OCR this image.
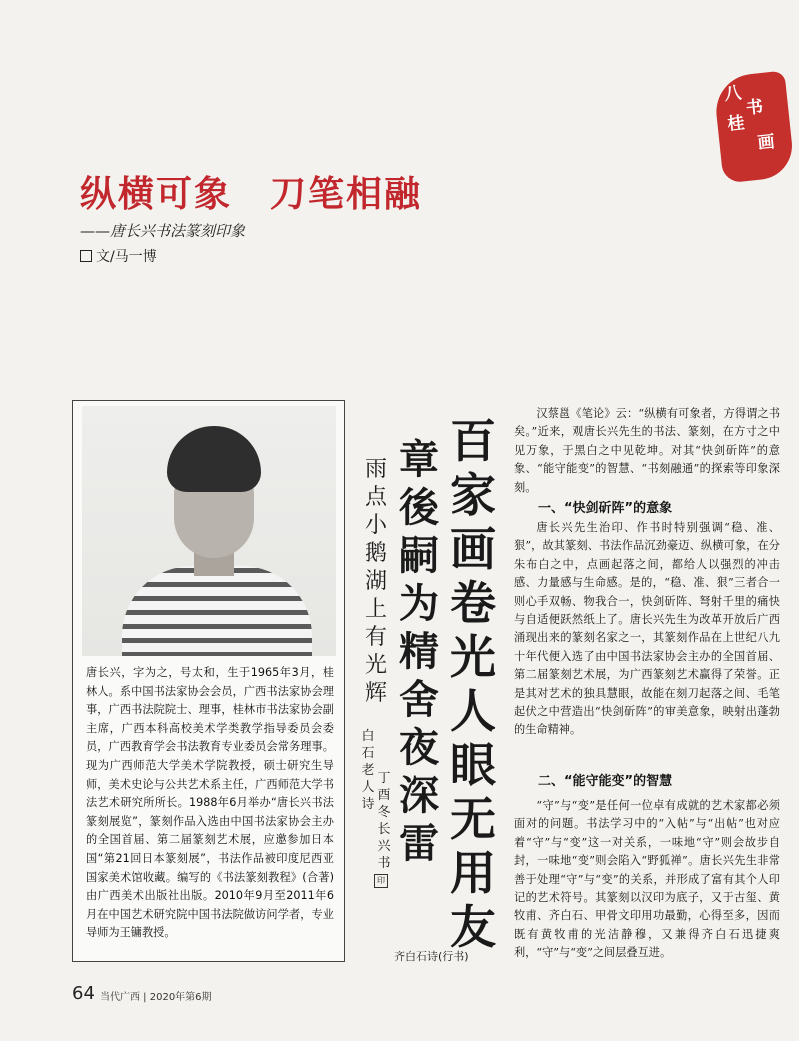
八
书
桂
画
纵横可象　刀笔相融
——唐长兴书法篆刻印象
文/马一博

唐长兴，字为之，号太和，生于1965年3月，桂林人。系中国书法家协会会员，广西书法家协会理事，广西书法院院士、理事，桂林市书法家协会副主席，广西本科高校美术学类教学指导委员会委员，广西教育学会书法教育专业委员会常务理事。现为广西师范大学美术学院教授，硕士研究生导师，美术史论与公共艺术系主任，广西师范大学书法艺术研究所所长。1988年6月举办“唐长兴书法篆刻展览”，篆刻作品入选由中国书法家协会主办的全国首届、第二届篆刻艺术展，应邀参加日本国“第21回日本篆刻展”，书法作品被印度尼西亚国家美术馆收藏。编写的《书法篆刻教程》(合著)由广西美术出版社出版。2010年9月至2011年6月在中国艺术研究院中国书法院做访问学者，专业导师为王镛教授。

百
家
画
卷
光
人
眼
无
用
友
章
後
嗣
为
精
舍
夜
深
雷
雨
点
小
鹅
湖
上
有
光
辉
白
石
老
人
诗
丁
酉
冬
长
兴
书
印
齐白石诗(行书)

汉蔡邕《笔论》云：“纵横有可象者，方得谓之书矣。”近来，观唐长兴先生的书法、篆刻，在方寸之中见万象，于黑白之中见乾坤。对其“快剑斫阵”的意象、“能守能变”的智慧、“书刻融通”的探索等印象深刻。

一、“快剑斫阵”的意象

唐长兴先生治印、作书时特别强调“稳、准、狠”，故其篆刻、书法作品沉劲豪迈、纵横可象，在分朱布白之中，点画起落之间，都给人以强烈的冲击感、力量感与生命感。是的，“稳、准、狠”三者合一则心手双畅、物我合一，快剑斫阵、弩射千里的痛快与自适便跃然纸上了。唐长兴先生为改革开放后广西涌现出来的篆刻名家之一，其篆刻作品在上世纪八九十年代便入选了由中国书法家协会主办的全国首届、第二届篆刻艺术展，为广西篆刻艺术赢得了荣誉。正是其对艺术的独具慧眼，故能在刻刀起落之间、毛笔起伏之中营造出“快剑斫阵”的审美意象，映射出蓬勃的生命精神。

二、“能守能变”的智慧

“守”与“变”是任何一位卓有成就的艺术家都必须面对的问题。书法学习中的“入帖”与“出帖”也对应着“守”与“变”这一对关系，一味地“守”则会故步自封，一味地“变”则会陷入“野狐禅”。唐长兴先生非常善于处理“守”与“变”的关系，并形成了富有其个人印记的艺术符号。其篆刻以汉印为底子，又于古玺、黄牧甫、齐白石、甲骨文印用功最勤，心得至多，因而既有黄牧甫的光洁静穆，又兼得齐白石迅捷爽利，“守”与“变”之间层叠互进。

64 当代广西 | 2020年第6期
